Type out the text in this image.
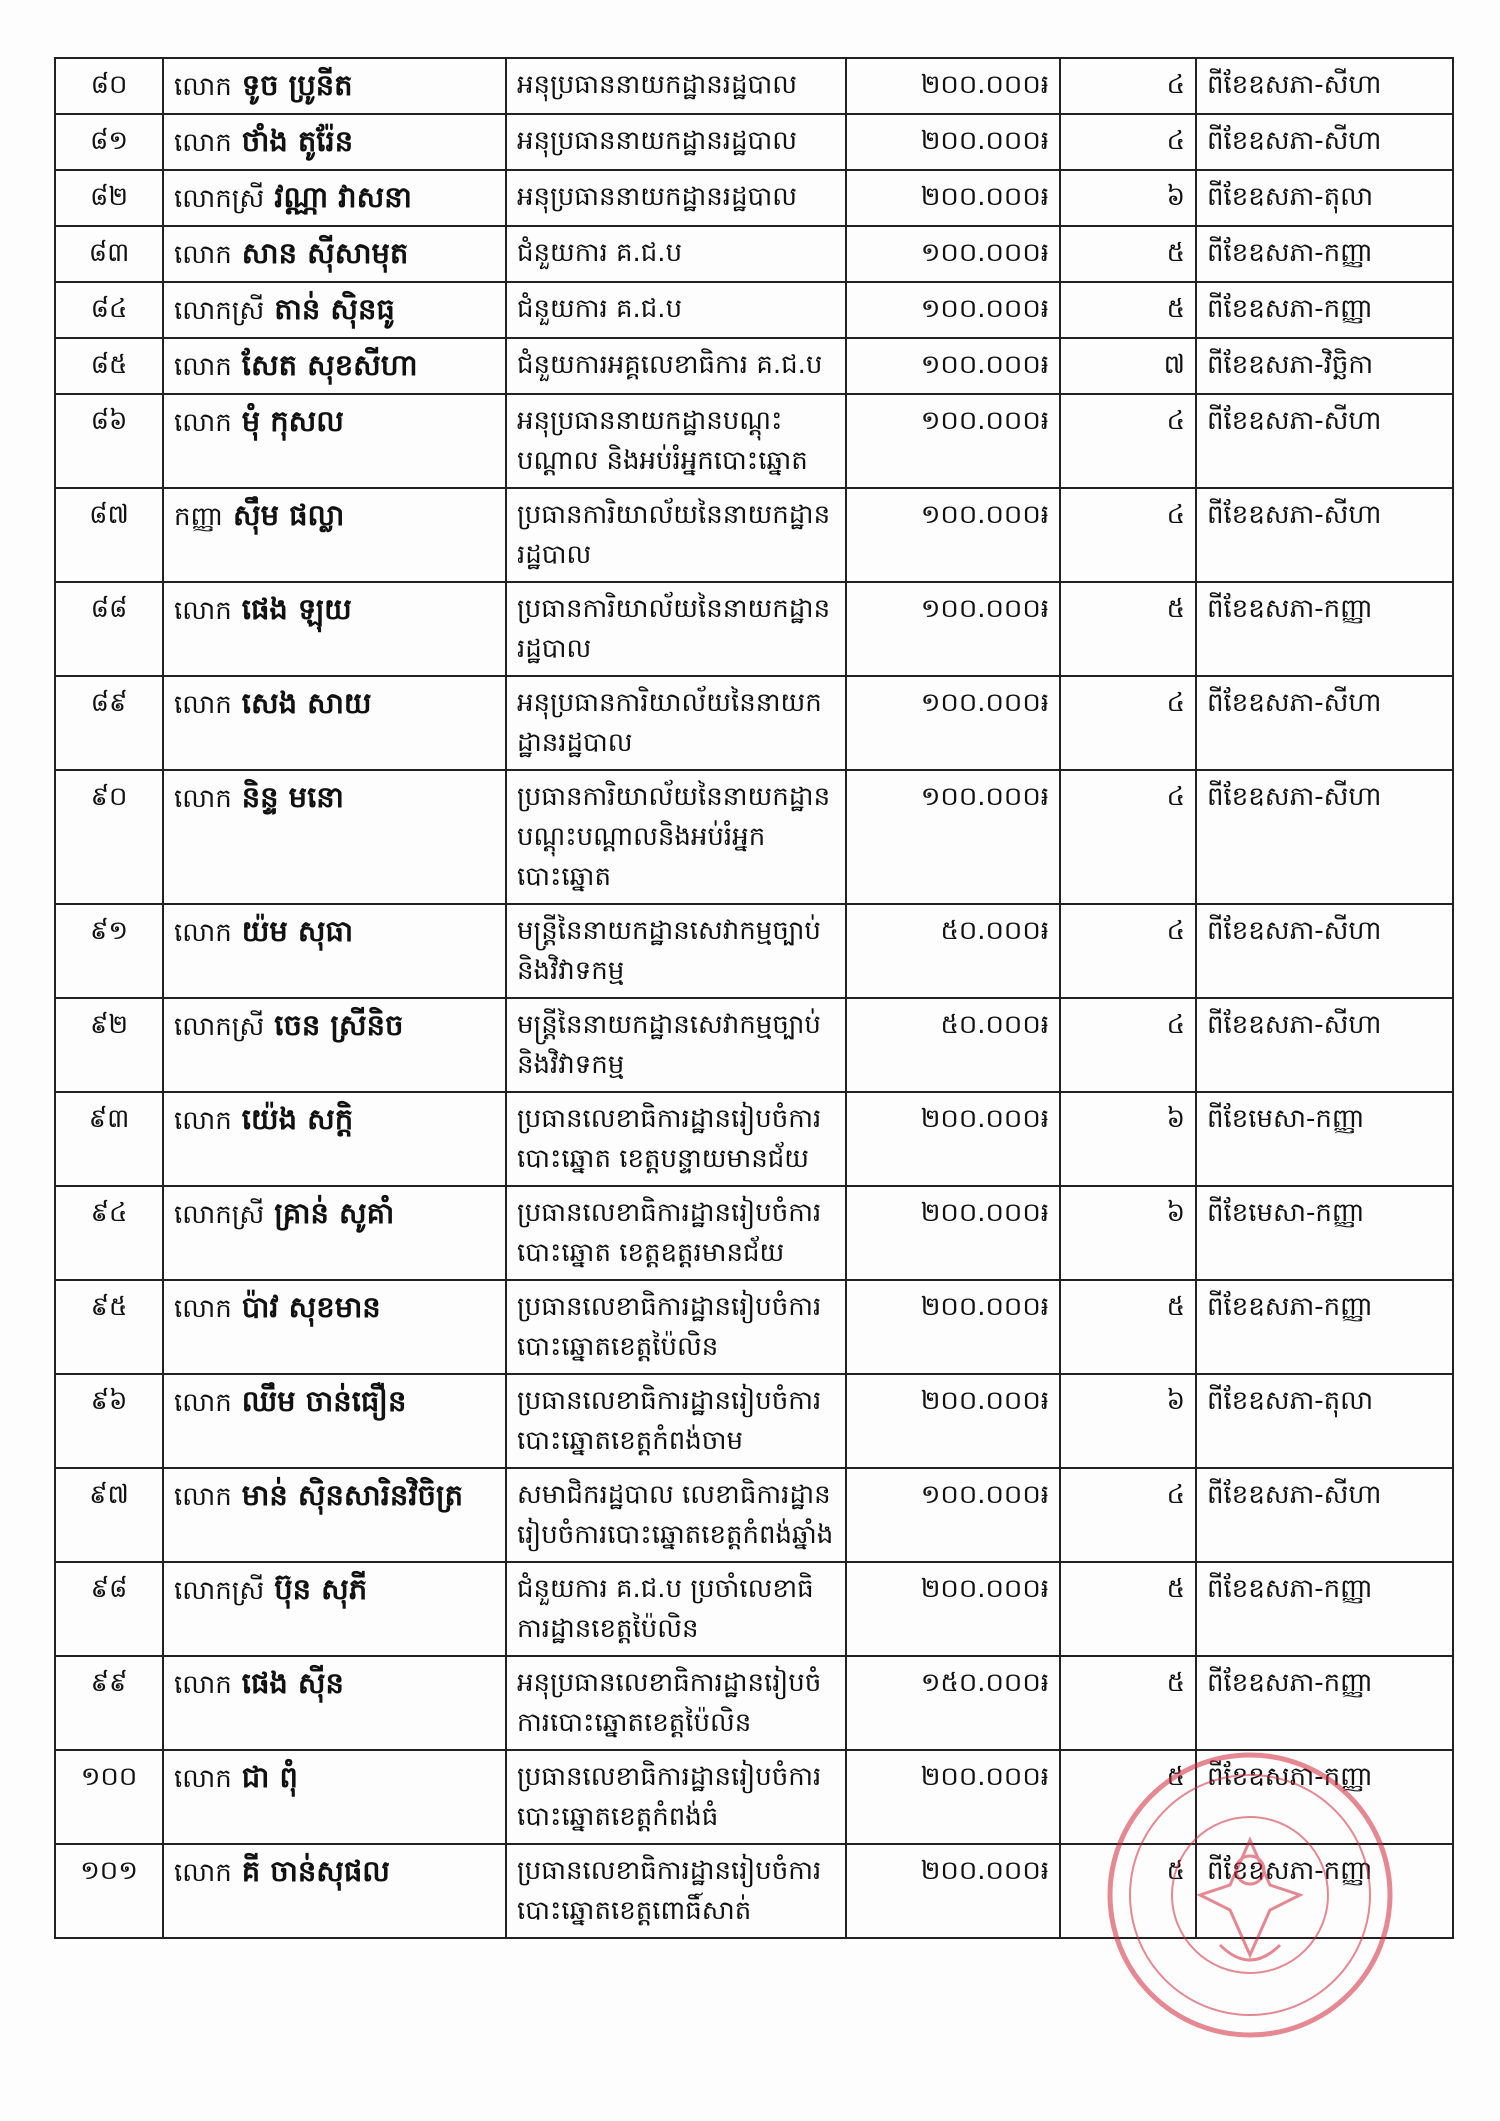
៨០	លោក ទូច ប្រូនីត	អនុប្រធាននាយកដ្ឋានរដ្ឋបាល	២០០.០០០៛	៤	ពីខែឧសភា-សីហា
៨១	លោក ថាំង តូរ៉ែន	អនុប្រធាននាយកដ្ឋានរដ្ឋបាល	២០០.០០០៛	៤	ពីខែឧសភា-សីហា
៨២	លោកស្រី វណ្ណា វាសនា	អនុប្រធាននាយកដ្ឋានរដ្ឋបាល	២០០.០០០៛	៦	ពីខែឧសភា-តុលា
៨៣	លោក សាន ស៊ីសាមុត	ជំនួយការ គ.ជ.ប	១០០.០០០៛	៥	ពីខែឧសភា-កញ្ញា
៨៤	លោកស្រី តាន់ ស៊ិនធូ	ជំនួយការ គ.ជ.ប	១០០.០០០៛	៥	ពីខែឧសភា-កញ្ញា
៨៥	លោក សែត សុខសីហា	ជំនួយការអគ្គលេខាធិការ គ.ជ.ប	១០០.០០០៛	៧	ពីខែឧសភា-វិច្ឆិកា
៨៦	លោក មុំ កុសល	អនុប្រធាននាយកដ្ឋានបណ្តុះបណ្តាល និងអប់រំអ្នកបោះឆ្នោត	១០០.០០០៛	៤	ពីខែឧសភា-សីហា
៨៧	កញ្ញា ស៊ឹម ផល្លា	ប្រធានការិយាល័យនៃនាយកដ្ឋានរដ្ឋបាល	១០០.០០០៛	៤	ពីខែឧសភា-សីហា
៨៨	លោក ផេង ឡុយ	ប្រធានការិយាល័យនៃនាយកដ្ឋានរដ្ឋបាល	១០០.០០០៛	៥	ពីខែឧសភា-កញ្ញា
៨៩	លោក សេង សាយ	អនុប្រធានការិយាល័យនៃនាយកដ្ឋានរដ្ឋបាល	១០០.០០០៛	៤	ពីខែឧសភា-សីហា
៩០	លោក និន្ទ មនោ	ប្រធានការិយាល័យនៃនាយកដ្ឋានបណ្តុះបណ្តាលនិងអប់រំអ្នកបោះឆ្នោត	១០០.០០០៛	៤	ពីខែឧសភា-សីហា
៩១	លោក យ៉ម សុធា	មន្ត្រីនៃនាយកដ្ឋានសេវាកម្មច្បាប់និងវិវាទកម្ម	៥០.០០០៛	៤	ពីខែឧសភា-សីហា
៩២	លោកស្រី ចេន ស្រីនិច	មន្ត្រីនៃនាយកដ្ឋានសេវាកម្មច្បាប់និងវិវាទកម្ម	៥០.០០០៛	៤	ពីខែឧសភា-សីហា
៩៣	លោក យ៉េង សក្តិ	ប្រធានលេខាធិការដ្ឋានរៀបចំការបោះឆ្នោត ខេត្តបន្ទាយមានជ័យ	២០០.០០០៛	៦	ពីខែមេសា-កញ្ញា
៩៤	លោកស្រី គ្រាន់ សូគាំ	ប្រធានលេខាធិការដ្ឋានរៀបចំការបោះឆ្នោត ខេត្តឧត្តរមានជ័យ	២០០.០០០៛	៦	ពីខែមេសា-កញ្ញា
៩៥	លោក ប៉ាវ សុខមាន	ប្រធានលេខាធិការដ្ឋានរៀបចំការបោះឆ្នោតខេត្តប៉ៃលិន	២០០.០០០៛	៥	ពីខែឧសភា-កញ្ញា
៩៦	លោក ឈឹម ចាន់ធឿន	ប្រធានលេខាធិការដ្ឋានរៀបចំការបោះឆ្នោតខេត្តកំពង់ចាម	២០០.០០០៛	៦	ពីខែឧសភា-តុលា
៩៧	លោក មាន់ ស៊ិនសារិនវិចិត្រ	សមាជិករដ្ឋបាល លេខាធិការដ្ឋានរៀបចំការបោះឆ្នោតខេត្តកំពង់ឆ្នាំង	១០០.០០០៛	៤	ពីខែឧសភា-សីហា
៩៨	លោកស្រី ប៊ុន សុភី	ជំនួយការ គ.ជ.ប ប្រចាំលេខាធិការដ្ឋានខេត្តប៉ៃលិន	២០០.០០០៛	៥	ពីខែឧសភា-កញ្ញា
៩៩	លោក ផេង ស៊ីន	អនុប្រធានលេខាធិការដ្ឋានរៀបចំការបោះឆ្នោតខេត្តប៉ៃលិន	១៥០.០០០៛	៥	ពីខែឧសភា-កញ្ញា
១០០	លោក ជា ពុំ	ប្រធានលេខាធិការដ្ឋានរៀបចំការបោះឆ្នោតខេត្តកំពង់ធំ	២០០.០០០៛	៥	ពីខែឧសភា-កញ្ញា
១០១	លោក គី ចាន់សុផល	ប្រធានលេខាធិការដ្ឋានរៀបចំការបោះឆ្នោតខេត្តពោធិ៍សាត់	២០០.០០០៛	៥	ពីខែឧសភា-កញ្ញា
